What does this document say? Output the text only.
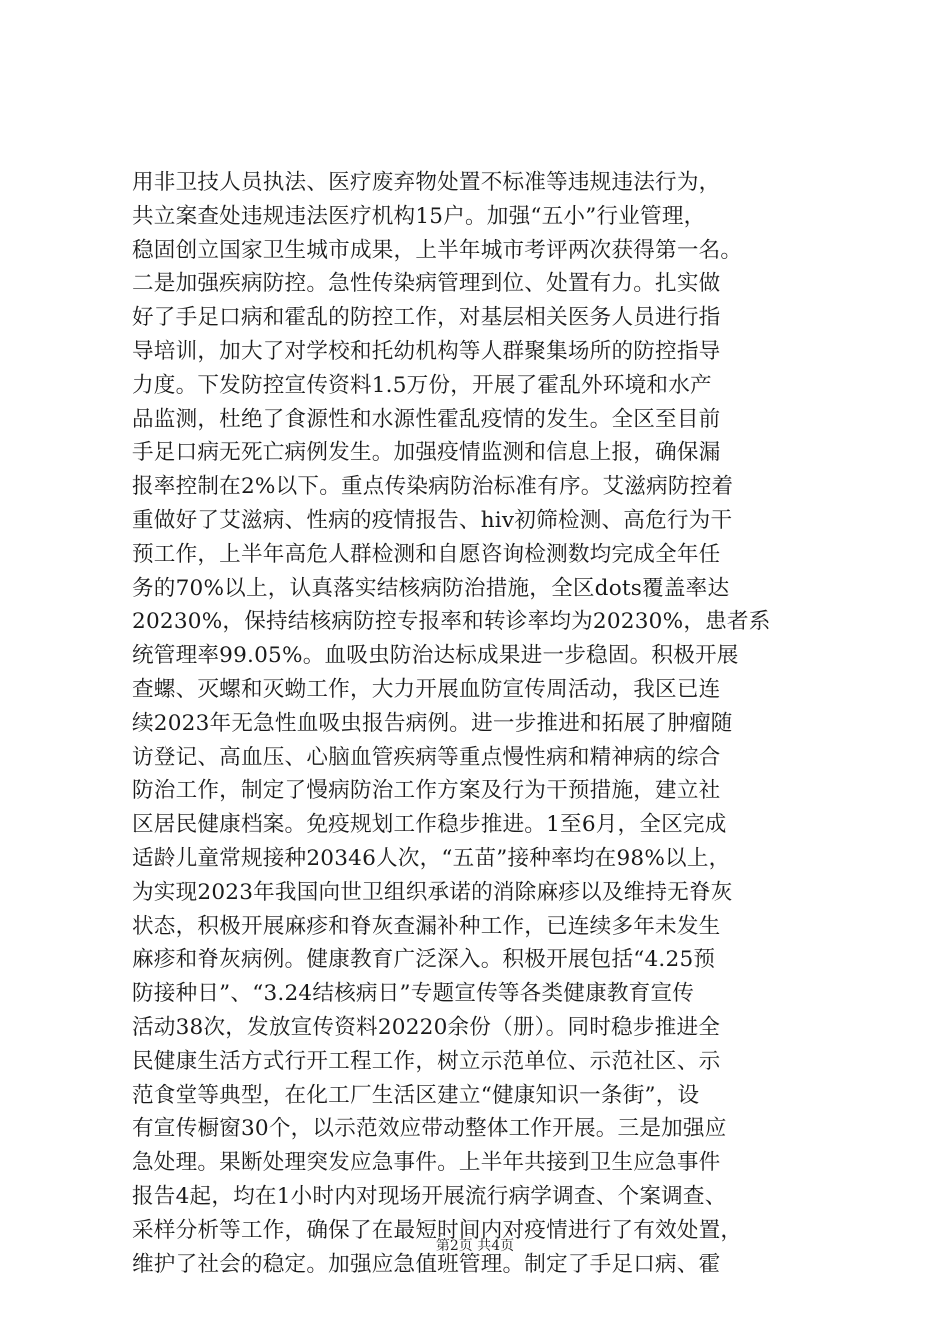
用非卫技人员执法、医疗废弃物处置不标准等违规违法行为，
共立案查处违规违法医疗机构15户。加强“五小”行业管理，
稳固创立国家卫生城市成果，上半年城市考评两次获得第一名。
二是加强疾病防控。急性传染病管理到位、处置有力。扎实做
好了手足口病和霍乱的防控工作，对基层相关医务人员进行指
导培训，加大了对学校和托幼机构等人群聚集场所的防控指导
力度。下发防控宣传资料1.5万份，开展了霍乱外环境和水产
品监测，杜绝了食源性和水源性霍乱疫情的发生。全区至目前
手足口病无死亡病例发生。加强疫情监测和信息上报，确保漏
报率控制在2%以下。重点传染病防治标准有序。艾滋病防控着
重做好了艾滋病、性病的疫情报告、hiv初筛检测、高危行为干
预工作，上半年高危人群检测和自愿咨询检测数均完成全年任
务的70%以上，认真落实结核病防治措施，全区dots覆盖率达
20230%，保持结核病防控专报率和转诊率均为20230%，患者系
统管理率99.05%。血吸虫防治达标成果进一步稳固。积极开展
查螺、灭螺和灭蚴工作，大力开展血防宣传周活动，我区已连
续2023年无急性血吸虫报告病例。进一步推进和拓展了肿瘤随
访登记、高血压、心脑血管疾病等重点慢性病和精神病的综合
防治工作，制定了慢病防治工作方案及行为干预措施，建立社
区居民健康档案。免疫规划工作稳步推进。1至6月，全区完成
适龄儿童常规接种20346人次，“五苗”接种率均在98%以上，
为实现2023年我国向世卫组织承诺的消除麻疹以及维持无脊灰
状态，积极开展麻疹和脊灰查漏补种工作，已连续多年未发生
麻疹和脊灰病例。健康教育广泛深入。积极开展包括“4.25预
防接种日”、“3.24结核病日”专题宣传等各类健康教育宣传
活动38次，发放宣传资料20220余份（册）。同时稳步推进全
民健康生活方式行开工程工作，树立示范单位、示范社区、示
范食堂等典型，在化工厂生活区建立“健康知识一条街”，设
有宣传橱窗30个，以示范效应带动整体工作开展。三是加强应
急处理。果断处理突发应急事件。上半年共接到卫生应急事件
报告4起，均在1小时内对现场开展流行病学调查、个案调查、
采样分析等工作，确保了在最短时间内对疫情进行了有效处置，
维护了社会的稳定。加强应急值班管理。制定了手足口病、霍
第2页 共4页
